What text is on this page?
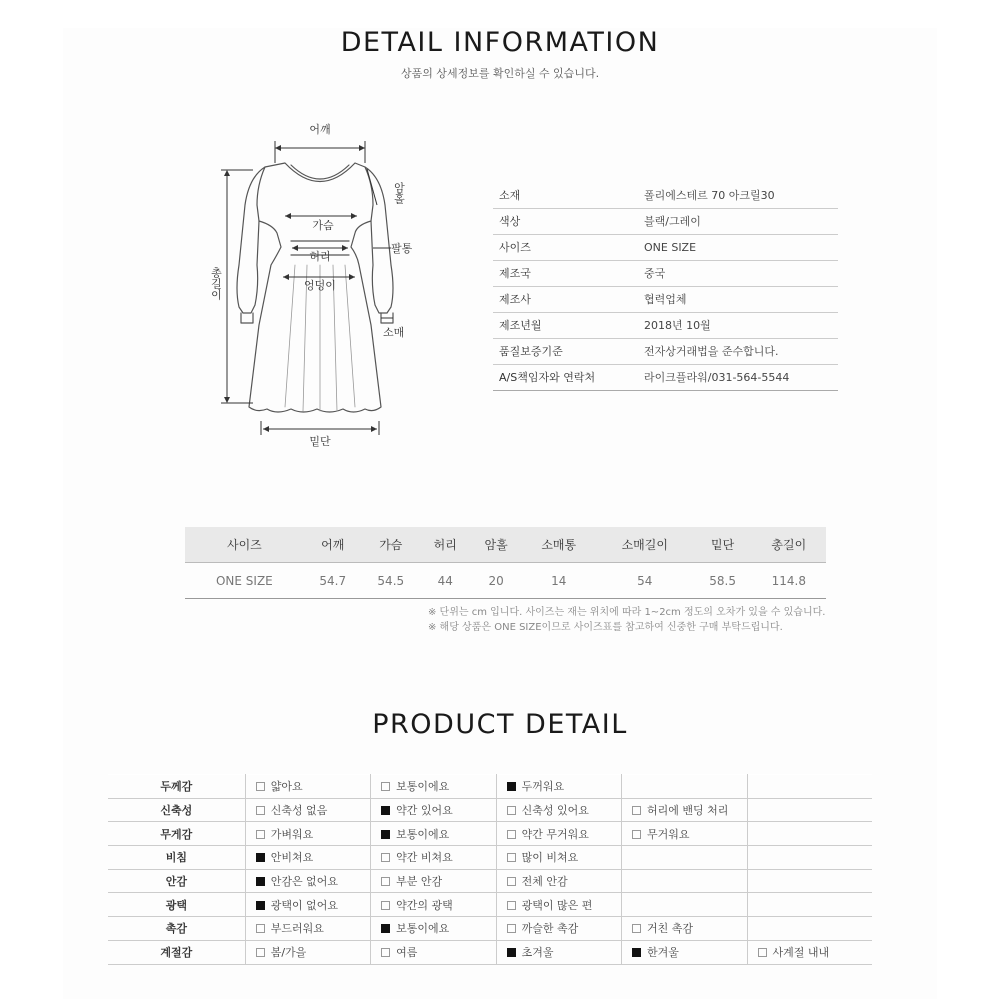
DETAIL INFORMATION
상품의 상세정보를 확인하실 수 있습니다.
어깨
가슴
허리
엉덩이
팔통
소매
밑단
암홀
총길이
소재	폴리에스테르 70 아크릴30
색상	블랙/그레이
사이즈	ONE SIZE
제조국	중국
제조사	협력업체
제조년월	2018년 10월
품질보증기준	전자상거래법을 준수합니다.
A/S책임자와 연락처	라이크플라워/031-564-5544
사이즈	어깨	가슴	허리	암홀	소매통	소매길이	밑단	총길이
ONE SIZE	54.7	54.5	44	20	14	54	58.5	114.8
※ 단위는 cm 입니다. 사이즈는 재는 위치에 따라 1~2cm 정도의 오차가 있을 수 있습니다.
※ 해당 상품은 ONE SIZE이므로 사이즈표를 참고하여 신중한 구매 부탁드립니다.
PRODUCT DETAIL
두께감	얇아요	보통이에요	두꺼워요		
신축성	신축성 없음	약간 있어요	신축성 있어요	허리에 밴딩 처리	
무게감	가벼워요	보통이에요	약간 무거워요	무거워요	
비침	안비쳐요	약간 비쳐요	많이 비쳐요		
안감	안감은 없어요	부분 안감	전체 안감		
광택	광택이 없어요	약간의 광택	광택이 많은 편		
촉감	부드러워요	보통이에요	까슬한 촉감	거친 촉감	
계절감	봄/가을	여름	초겨울	한겨울	사계절 내내
